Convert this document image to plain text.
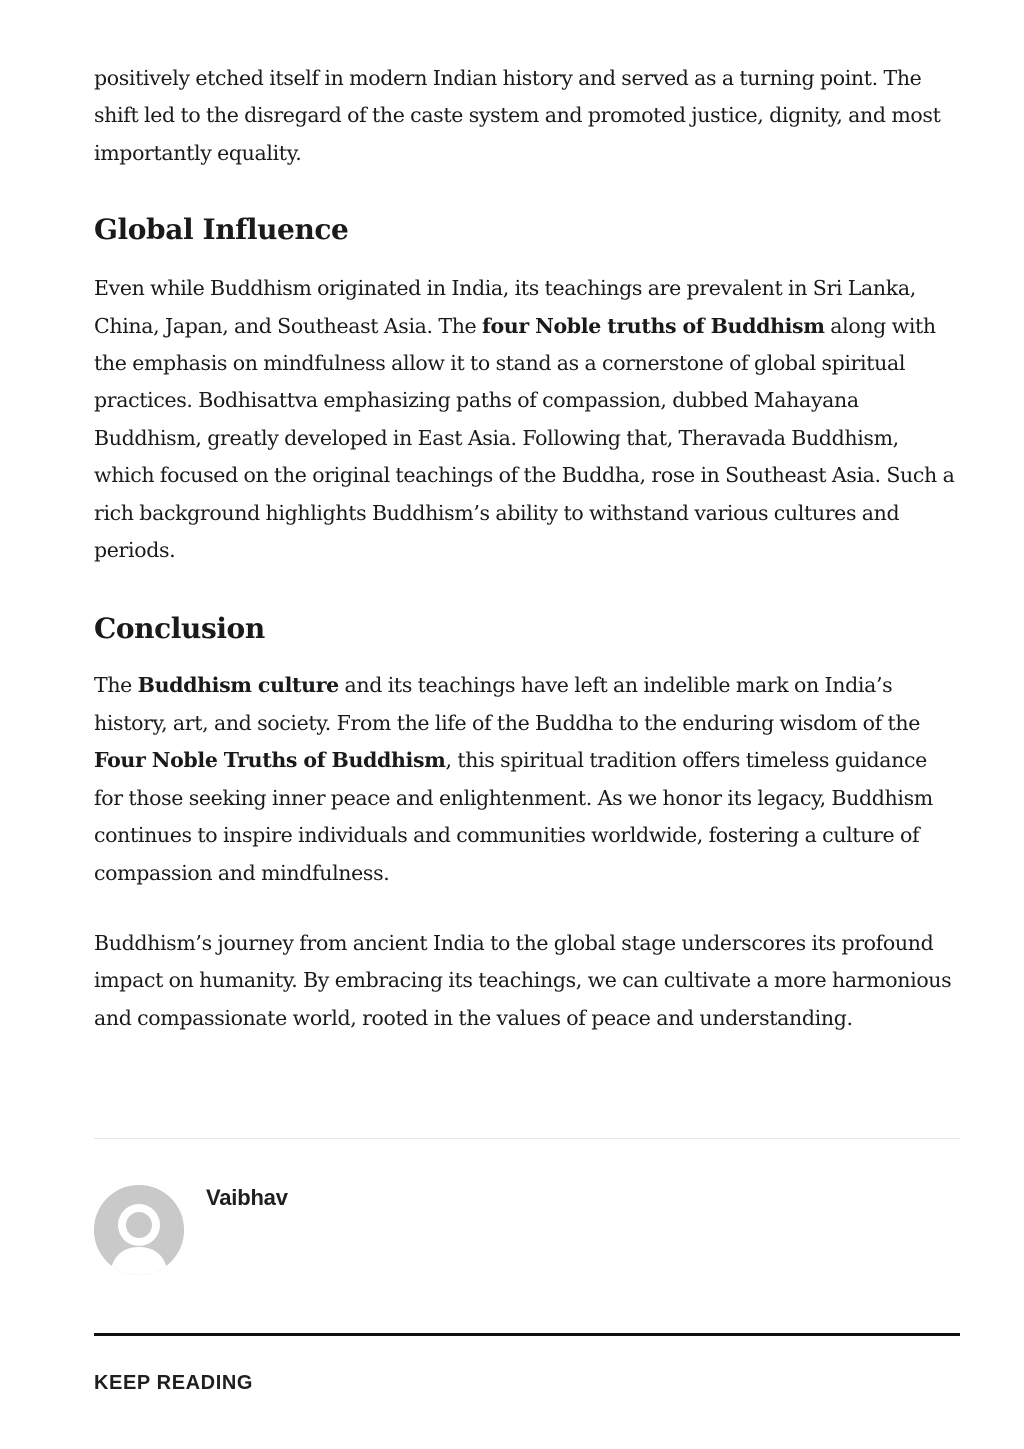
positively etched itself in modern Indian history and served as a turning point. The shift led to the disregard of the caste system and promoted justice, dignity, and most importantly equality.

Global Influence

Even while Buddhism originated in India, its teachings are prevalent in Sri Lanka, China, Japan, and Southeast Asia. The four Noble truths of Buddhism along with the emphasis on mindfulness allow it to stand as a cornerstone of global spiritual practices. Bodhisattva emphasizing paths of compassion, dubbed Mahayana Buddhism, greatly developed in East Asia. Following that, Theravada Buddhism, which focused on the original teachings of the Buddha, rose in Southeast Asia. Such a rich background highlights Buddhism’s ability to withstand various cultures and periods.

Conclusion

The Buddhism culture and its teachings have left an indelible mark on India’s history, art, and society. From the life of the Buddha to the enduring wisdom of the Four Noble Truths of Buddhism, this spiritual tradition offers timeless guidance for those seeking inner peace and enlightenment. As we honor its legacy, Buddhism continues to inspire individuals and communities worldwide, fostering a culture of compassion and mindfulness.

Buddhism’s journey from ancient India to the global stage underscores its profound impact on humanity. By embracing its teachings, we can cultivate a more harmonious and compassionate world, rooted in the values of peace and understanding.

Vaibhav
KEEP READING
